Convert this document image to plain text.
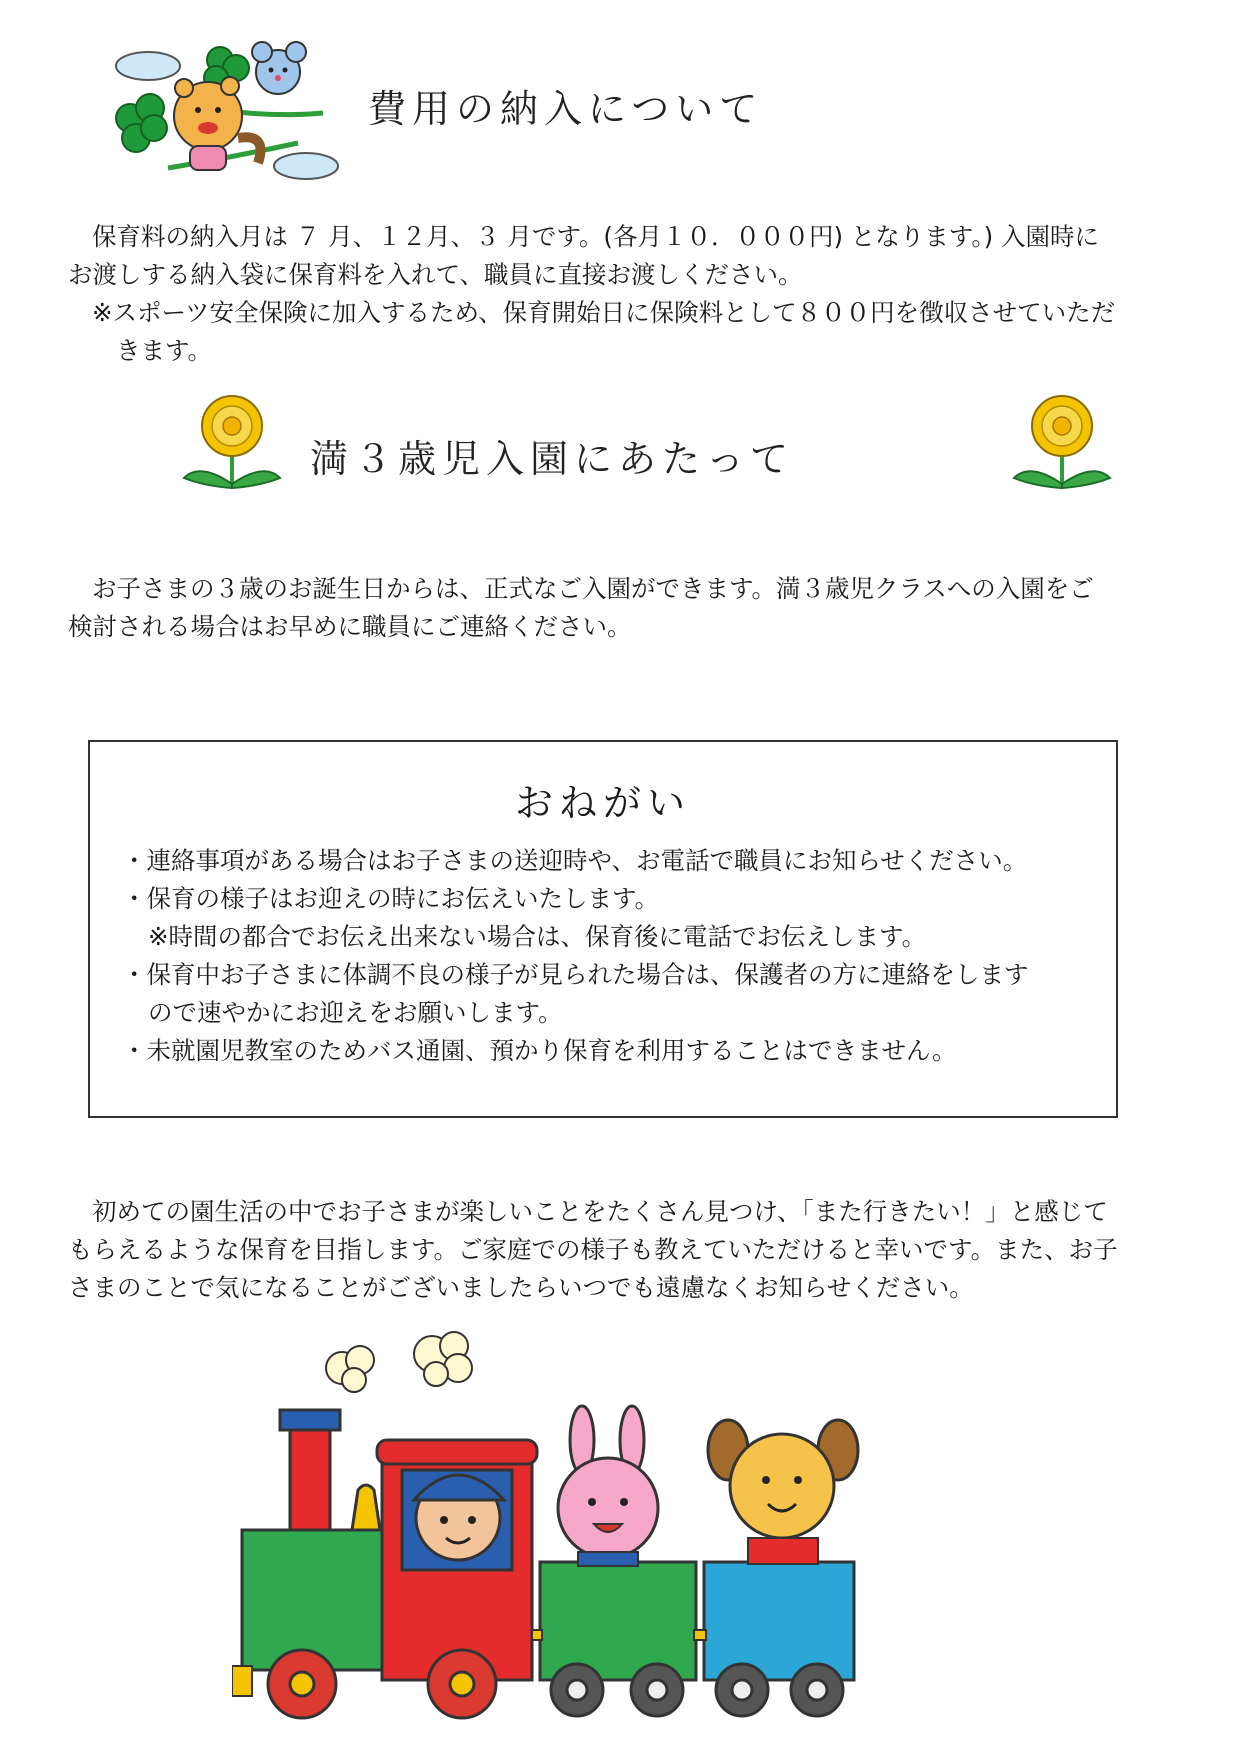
費用の納入について
保育料の納入月は ７ 月、１２月、３ 月です。(各月１０．０００円) となります。) 入園時に
お渡しする納入袋に保育料を入れて、職員に直接お渡しください。
※スポーツ安全保険に加入するため、保育開始日に保険料として８００円を徴収させていただ
きます。
満３歳児入園にあたって
お子さまの３歳のお誕生日からは、正式なご入園ができます。満３歳児クラスへの入園をご
検討される場合はお早めに職員にご連絡ください。
おねがい
・連絡事項がある場合はお子さまの送迎時や、お電話で職員にお知らせください。
・保育の様子はお迎えの時にお伝えいたします。
※時間の都合でお伝え出来ない場合は、保育後に電話でお伝えします。
・保育中お子さまに体調不良の様子が見られた場合は、保護者の方に連絡をします
ので速やかにお迎えをお願いします。
・未就園児教室のためバス通園、預かり保育を利用することはできません。
初めての園生活の中でお子さまが楽しいことをたくさん見つけ、「また行きたい！」と感じて
もらえるような保育を目指します。ご家庭での様子も教えていただけると幸いです。また、お子
さまのことで気になることがございましたらいつでも遠慮なくお知らせください。
